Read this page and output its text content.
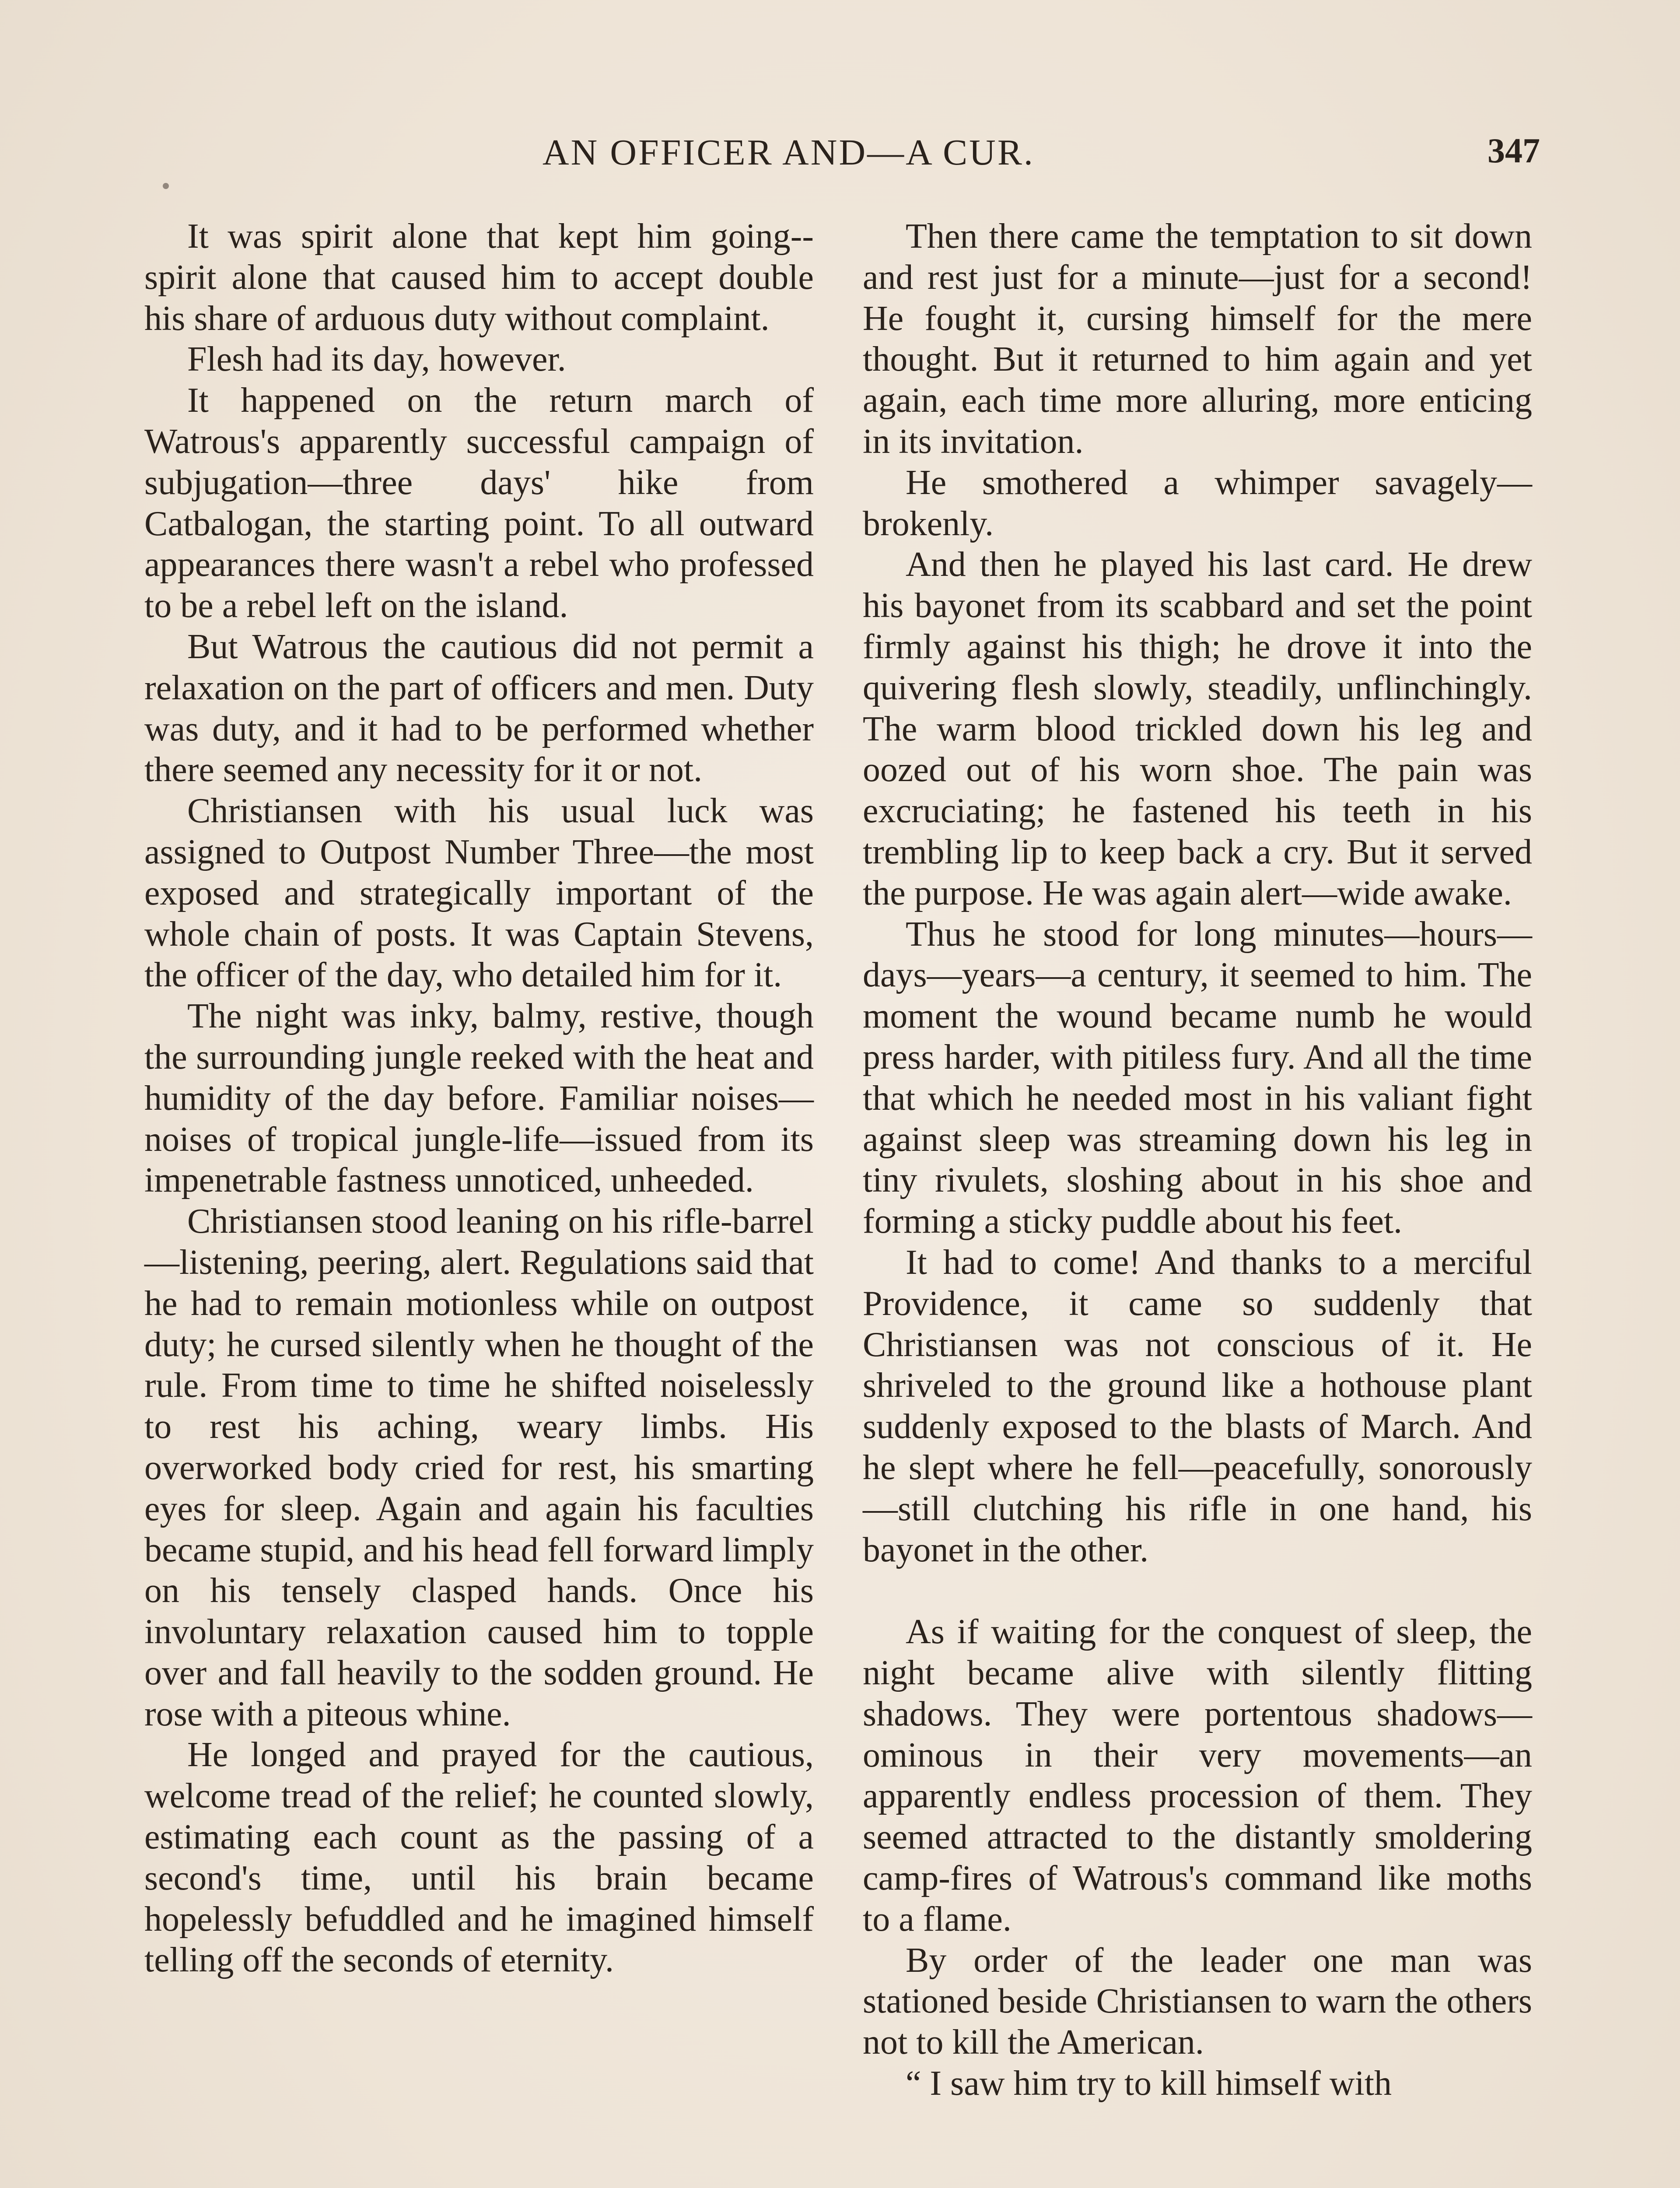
AN OFFICER AND—A CUR.	347

It was spirit alone that kept him going--spirit alone that caused him to accept double his share of arduous duty without complaint.

Flesh had its day, however.

It happened on the return march of Watrous's apparently successful campaign of subjugation—three days' hike from Catbalogan, the starting point. To all outward appearances there wasn't a rebel who professed to be a rebel left on the island.

But Watrous the cautious did not permit a relaxation on the part of officers and men. Duty was duty, and it had to be performed whether there seemed any necessity for it or not.

Christiansen with his usual luck was assigned to Outpost Number Three—the most exposed and strategically important of the whole chain of posts. It was Captain Stevens, the officer of the day, who detailed him for it.

The night was inky, balmy, restive, though the surrounding jungle reeked with the heat and humidity of the day before. Familiar noises—noises of tropical jungle-life—issued from its impenetrable fastness unnoticed, unheeded.

Christiansen stood leaning on his rifle-barrel—listening, peering, alert. Regulations said that he had to remain motionless while on outpost duty; he cursed silently when he thought of the rule. From time to time he shifted noiselessly to rest his aching, weary limbs. His overworked body cried for rest, his smarting eyes for sleep. Again and again his faculties became stupid, and his head fell forward limply on his tensely clasped hands. Once his involuntary relaxation caused him to topple over and fall heavily to the sodden ground. He rose with a piteous whine.

He longed and prayed for the cautious, welcome tread of the relief; he counted slowly, estimating each count as the passing of a second's time, until his brain became hopelessly befuddled and he imagined himself telling off the seconds of eternity.

Then there came the temptation to sit down and rest just for a minute—just for a second! He fought it, cursing himself for the mere thought. But it returned to him again and yet again, each time more alluring, more enticing in its invitation.

He smothered a whimper savagely—brokenly.

And then he played his last card. He drew his bayonet from its scabbard and set the point firmly against his thigh; he drove it into the quivering flesh slowly, steadily, unflinchingly. The warm blood trickled down his leg and oozed out of his worn shoe. The pain was excruciating; he fastened his teeth in his trembling lip to keep back a cry. But it served the purpose. He was again alert—wide awake.

Thus he stood for long minutes—hours—days—years—a century, it seemed to him. The moment the wound became numb he would press harder, with pitiless fury. And all the time that which he needed most in his valiant fight against sleep was streaming down his leg in tiny rivulets, sloshing about in his shoe and forming a sticky puddle about his feet.

It had to come! And thanks to a merciful Providence, it came so suddenly that Christiansen was not conscious of it. He shriveled to the ground like a hothouse plant suddenly exposed to the blasts of March. And he slept where he fell—peacefully, sonorously—still clutching his rifle in one hand, his bayonet in the other.

As if waiting for the conquest of sleep, the night became alive with silently flitting shadows. They were portentous shadows—ominous in their very movements—an apparently endless procession of them. They seemed attracted to the distantly smoldering camp-fires of Watrous's command like moths to a flame.

By order of the leader one man was stationed beside Christiansen to warn the others not to kill the American.

“ I saw him try to kill himself with
